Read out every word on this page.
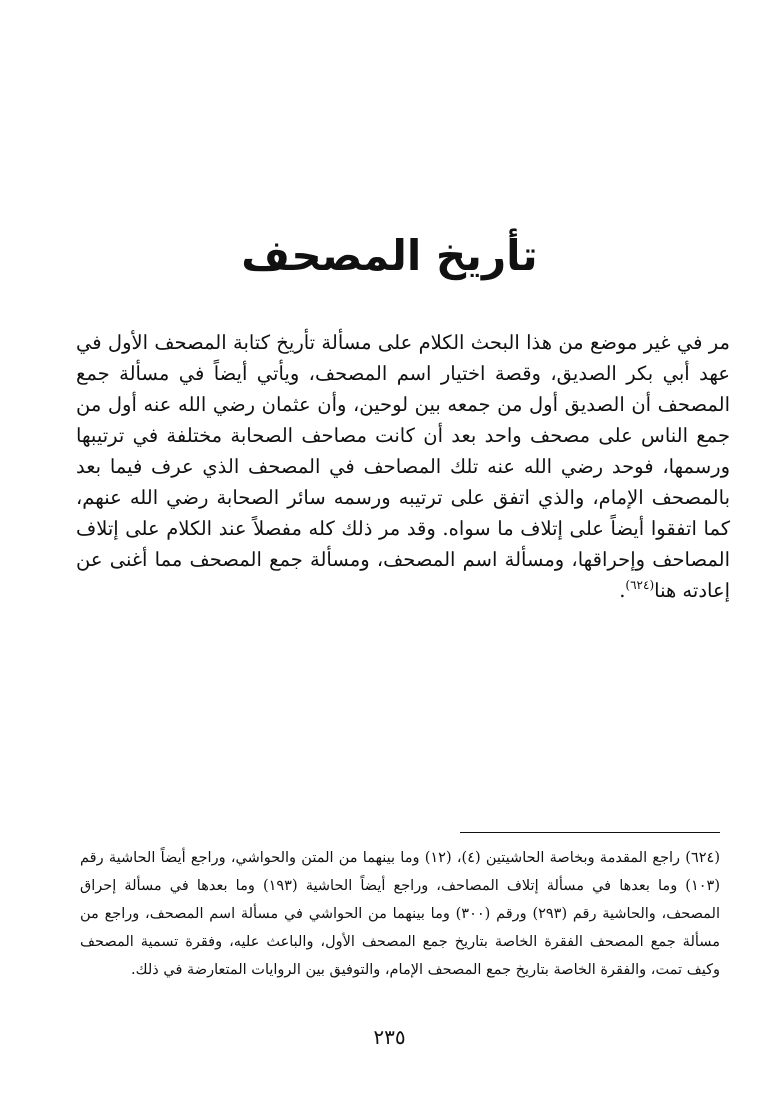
تأريخ المصحف

مر في غير موضع من هذا البحث الكلام على مسألة تأريخ كتابة المصحف الأول في عهد أبي بكر الصديق، وقصة اختيار اسم المصحف، ويأتي أيضاً في مسألة جمع المصحف أن الصديق أول من جمعه بين لوحين، وأن عثمان رضي الله عنه أول من جمع الناس على مصحف واحد بعد أن كانت مصاحف الصحابة مختلفة في ترتيبها ورسمها، فوحد رضي الله عنه تلك المصاحف في المصحف الذي عرف فيما بعد بالمصحف الإمام، والذي اتفق على ترتيبه ورسمه سائر الصحابة رضي الله عنهم، كما اتفقوا أيضاً على إتلاف ما سواه. وقد مر ذلك كله مفصلاً عند الكلام على إتلاف المصاحف وإحراقها، ومسألة اسم المصحف، ومسألة جمع المصحف مما أغنى عن إعادته هنا$^{(٦٢٤)}$.

(٦٢٤) راجع المقدمة وبخاصة الحاشيتين (٤)، (١٢) وما بينهما من المتن والحواشي، وراجع أيضاً الحاشية رقم (١٠٣) وما بعدها في مسألة إتلاف المصاحف، وراجع أيضاً الحاشية (١٩٣) وما بعدها في مسألة إحراق المصحف، والحاشية رقم (٢٩٣) ورقم (٣٠٠) وما بينهما من الحواشي في مسألة اسم المصحف، وراجع من مسألة جمع المصحف الفقرة الخاصة بتاريخ جمع المصحف الأول، والباعث عليه، وفقرة تسمية المصحف وكيف تمت، والفقرة الخاصة بتاريخ جمع المصحف الإمام، والتوفيق بين الروايات المتعارضة في ذلك.

٢٣٥
